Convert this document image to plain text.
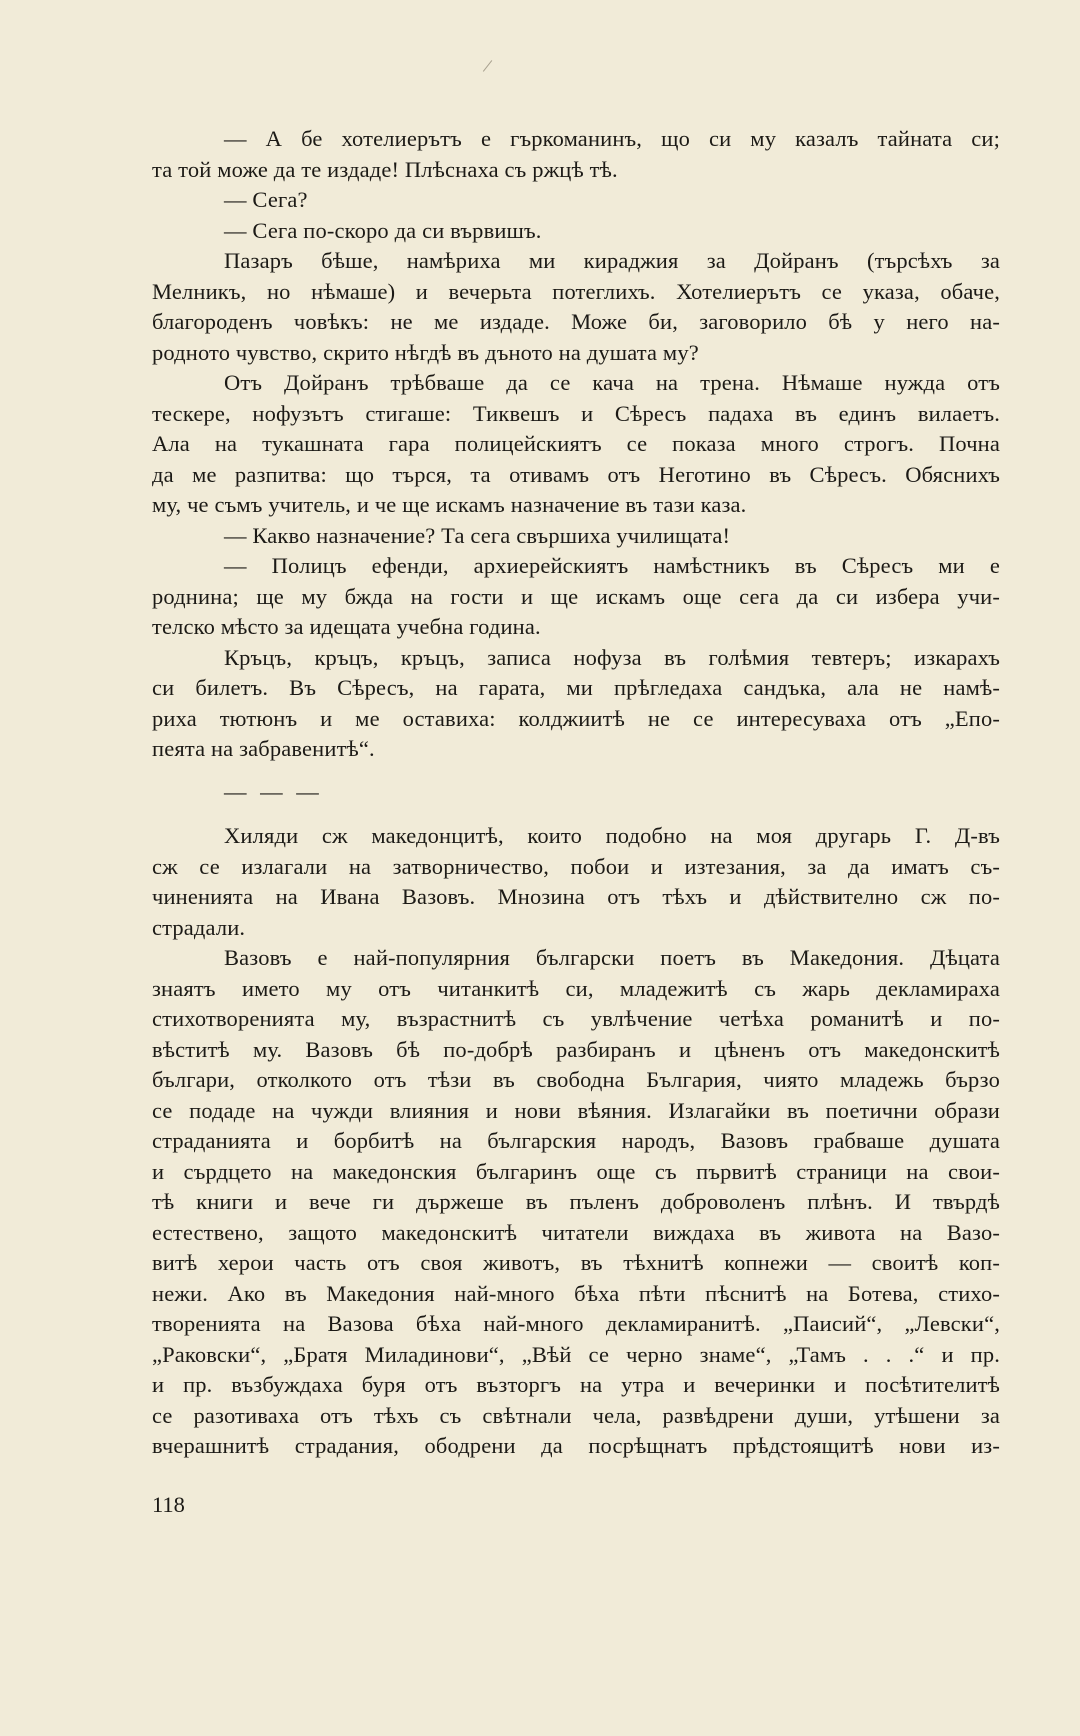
— А бе хотелиерътъ е гъркоманинъ, що си му казалъ тайната си;
та той може да те издаде! Плѣснаха съ ржцѣ тѣ.
— Сега?
— Сега по-скоро да си вървишъ.
Пазаръ бѣше, намѣриха ми кираджия за Дойранъ (търсѣхъ за
Мелникъ, но нѣмаше) и вечерьта потеглихъ. Хотелиерътъ се указа, обаче,
благороденъ човѣкъ: не ме издаде. Може би, заговорило бѣ у него на-
родното чувство, скрито нѣгдѣ въ дъното на душата му?
Отъ Дойранъ трѣбваше да се кача на трена. Нѣмаше нужда отъ
тескере, нофузътъ стигаше: Тиквешъ и Сѣресъ падаха въ единъ вилаетъ.
Ала на тукашната гара полицейскиятъ се показа много строгъ. Почна
да ме разпитва: що търся, та отивамъ отъ Неготино въ Сѣресъ. Обяснихъ
му, че съмъ учитель, и че ще искамъ назначение въ тази каза.
— Какво назначение? Та сега свършиха училищата!
— Полицъ ефенди, архиерейскиятъ намѣстникъ въ Сѣресъ ми е
роднина; ще му бжда на гости и ще искамъ още сега да си избера учи-
телско мѣсто за идещата учебна година.
Кръцъ, кръцъ, кръцъ, записа нофуза въ голѣмия тевтеръ; изкарахъ
си билетъ. Въ Сѣресъ, на гарата, ми прѣгледаха сандъка, ала не намѣ-
риха тютюнъ и ме оставиха: колджиитѣ не се интересуваха отъ „Епо-
пеята на забравенитѣ“.
— — —
Хиляди сж македонцитѣ, които подобно на моя другарь Г. Д-въ
сж се излагали на затворничество, побои и изтезания, за да иматъ съ-
чиненията на Ивана Вазовъ. Мнозина отъ тѣхъ и дѣйствително сж по-
страдали.
Вазовъ е най-популярния български поетъ въ Македония. Дѣцата
знаятъ името му отъ читанкитѣ си, младежитѣ съ жарь декламираха
стихотворенията му, възрастнитѣ съ увлѣчение четѣха романитѣ и по-
вѣститѣ му. Вазовъ бѣ по-добрѣ разбиранъ и цѣненъ отъ македонскитѣ
българи, отколкото отъ тѣзи въ свободна България, чиято младежь бързо
се подаде на чужди влияния и нови вѣяния. Излагайки въ поетични образи
страданията и борбитѣ на българския народъ, Вазовъ грабваше душата
и сърдцето на македонския българинъ още съ първитѣ страници на свои-
тѣ книги и вече ги държеше въ пъленъ доброволенъ плѣнъ. И твърдѣ
естествено, защото македонскитѣ читатели виждаха въ живота на Вазо-
витѣ херои часть отъ своя животъ, въ тѣхнитѣ копнежи — своитѣ коп-
нежи. Ако въ Македония най-много бѣха пѣти пѣснитѣ на Ботева, стихо-
творенията на Вазова бѣха най-много декламиранитѣ. „Паисий“, „Левски“,
„Раковски“, „Братя Миладинови“, „Вѣй се черно знаме“, „Тамъ . . .“ и пр.
и пр. възбуждаха буря отъ възторгъ на утра и вечеринки и посѣтителитѣ
се разотиваха отъ тѣхъ съ свѣтнали чела, развѣдрени души, утѣшени за
вчерашнитѣ страдания, ободрени да посрѣщнатъ прѣдстоящитѣ нови из-
118
